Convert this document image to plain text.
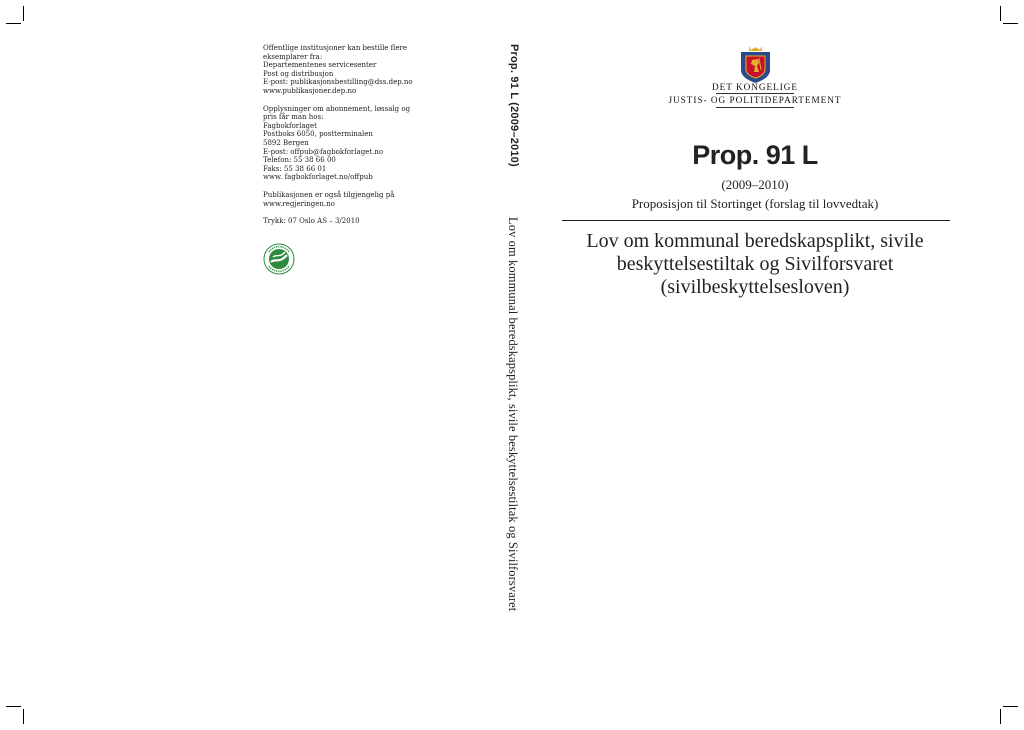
Offentlige institusjoner kan bestille flere
eksemplarer fra:
Departementenes servicesenter
Post og distribusjon
E-post: publikasjonsbestilling@dss.dep.no
www.publikasjoner.dep.no
Opplysninger om abonnement, løssalg og
pris får man hos:
Fagbokforlaget
Postboks 6050, postterminalen
5892 Bergen
E-post: offpub@fagbokforlaget.no
Telefon: 55 38 66 00
Faks: 55 38 66 01
www. fagbokforlaget.no/offpub
Publikasjonen er også tilgjengelig på
www.regjeringen.no
Trykk: 07 Oslo AS – 3/2010
Prop. 91 L (2009–2010)
Lov om kommunal beredskapsplikt, sivile beskyttelsestiltak og Sivilforsvaret
DET KONGELIGE
JUSTIS- OG POLITIDEPARTEMENT
Prop. 91 L
(2009–2010)
Proposisjon til Stortinget (forslag til lovvedtak)
Lov om kommunal beredskapsplikt, sivile
beskyttelsestiltak og Sivilforsvaret
(sivilbeskyttelsesloven)
